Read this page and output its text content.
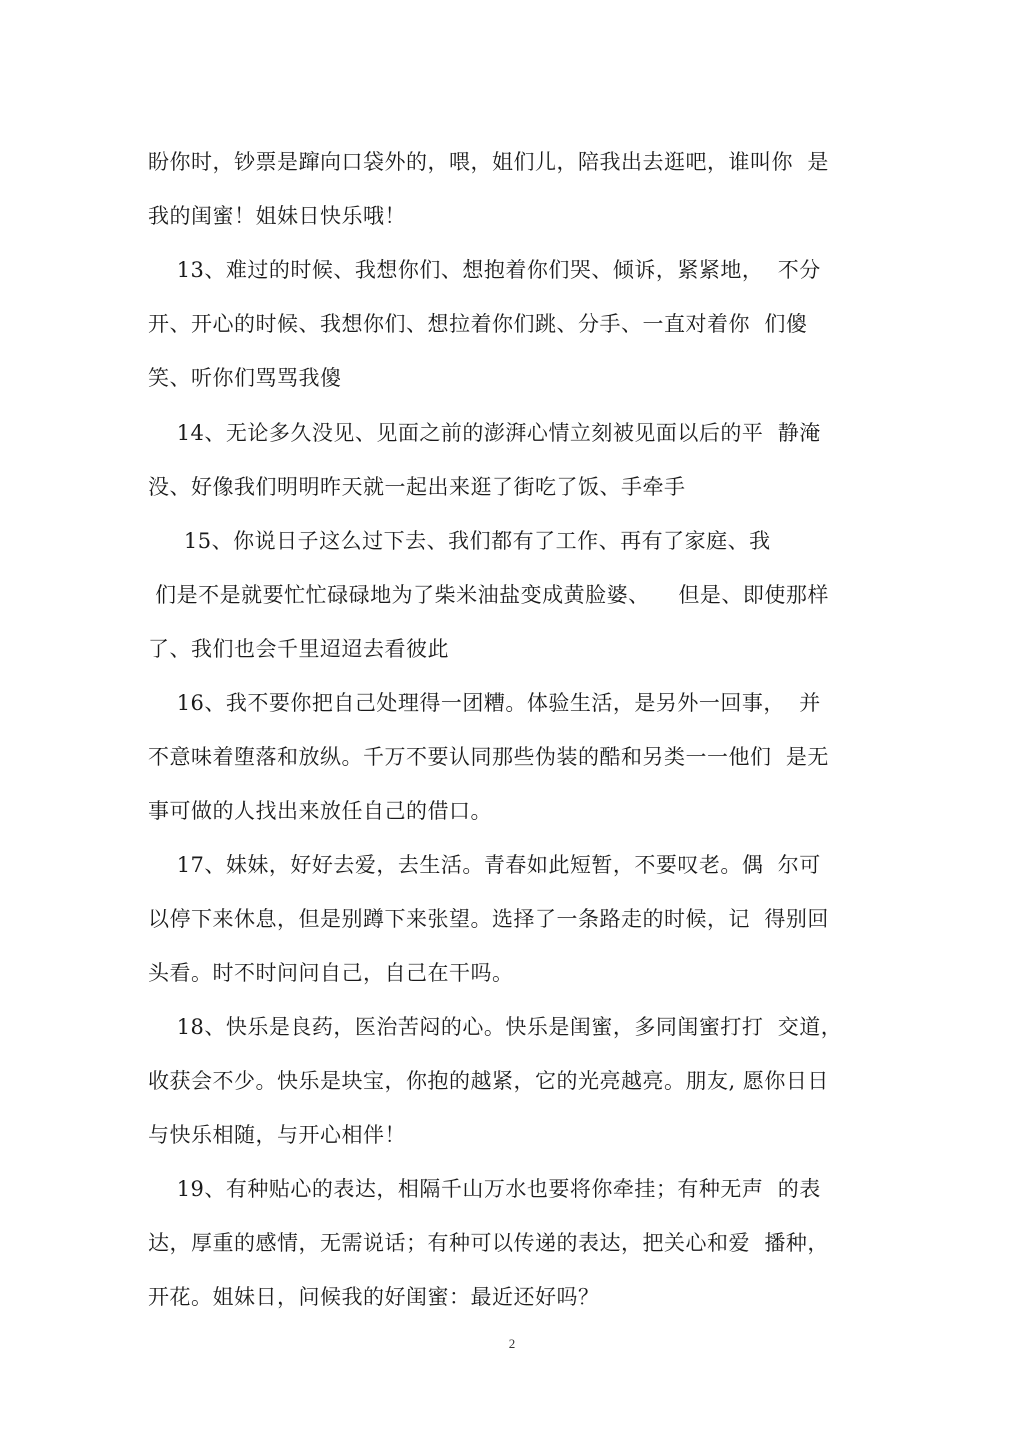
盼你时，钞票是蹿向口袋外的，喂，姐们儿，陪我出去逛吧，谁叫你  是
我的闺蜜！姐妹日快乐哦！
13、难过的时候、我想你们、想抱着你们哭、倾诉，紧紧地，  不分
开、开心的时候、我想你们、想拉着你们跳、分手、一直对着你  们傻
笑、听你们骂骂我傻
14、无论多久没见、见面之前的澎湃心情立刻被见面以后的平  静淹
没、好像我们明明昨天就一起出来逛了街吃了饭、手牵手
15、你说日子这么过下去、我们都有了工作、再有了家庭、我
们是不是就要忙忙碌碌地为了柴米油盐变成黄脸婆、    但是、即使那样
了、我们也会千里迢迢去看彼此
16、我不要你把自己处理得一团糟。体验生活，是另外一回事，  并
不意味着堕落和放纵。千万不要认同那些伪装的酷和另类一一他们  是无
事可做的人找出来放任自己的借口。
17、妹妹，好好去爱，去生活。青春如此短暂，不要叹老。偶  尔可
以停下来休息，但是别蹲下来张望。选择了一条路走的时候，记  得别回
头看。时不时问问自己，自己在干吗。
18、快乐是良药，医治苦闷的心。快乐是闺蜜，多同闺蜜打打  交道，
收获会不少。快乐是块宝，你抱的越紧，它的光亮越亮。朋友, 愿你日日
与快乐相随，与开心相伴！
19、有种贴心的表达，相隔千山万水也要将你牵挂；有种无声  的表
达，厚重的感情，无需说话；有种可以传递的表达，把关心和爱  播种，
开花。姐妹日，问候我的好闺蜜：最近还好吗？
2
